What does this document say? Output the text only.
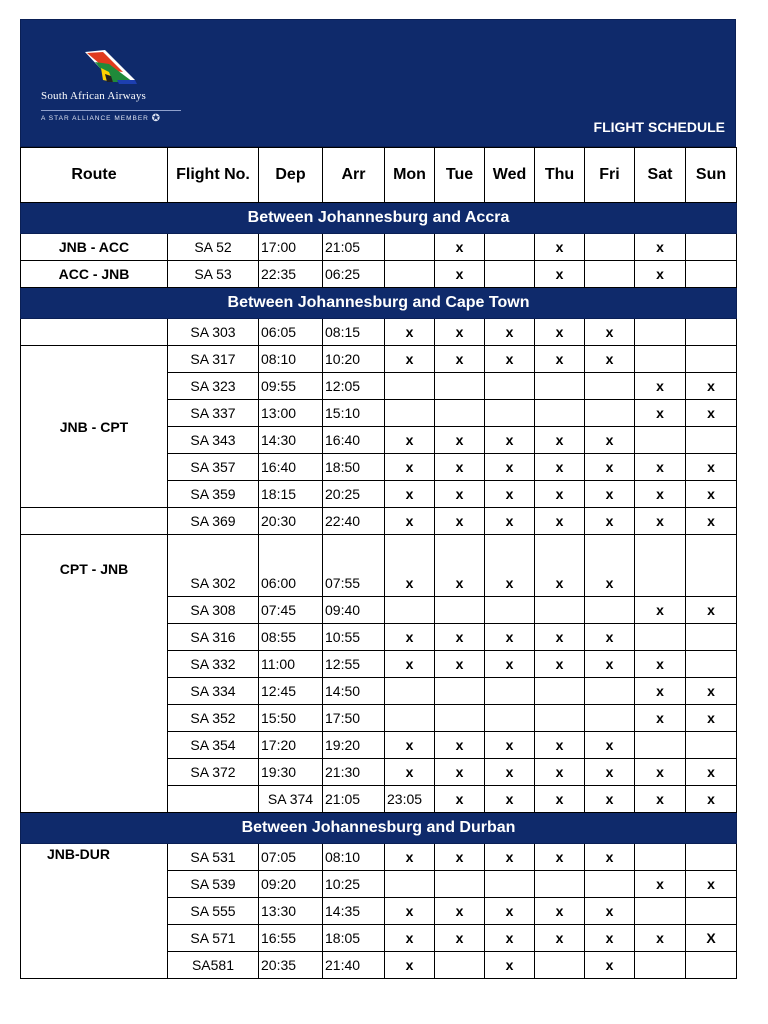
South African Airways
A STAR ALLIANCE MEMBER ✪
FLIGHT SCHEDULE
Route	Flight No.	Dep	Arr	Mon	Tue	Wed	Thu	Fri	Sat	Sun	
Between Johannesburg and Accra											
JNB - ACC	SA 52	17:00	21:05		x		x		x		
ACC - JNB	SA 53	22:35	06:25		x		x		x		
Between Johannesburg and Cape Town											
	SA 303	06:05	08:15	x	x	x	x	x			
JNB - CPT	SA 317	08:10	10:20	x	x	x	x	x			
	SA 323	09:55	12:05						x	x	
	SA 337	13:00	15:10						x	x	
	SA 343	14:30	16:40	x	x	x	x	x			
	SA 357	16:40	18:50	x	x	x	x	x	x	x	
	SA 359	18:15	20:25	x	x	x	x	x	x	x	
	SA 369	20:30	22:40	x	x	x	x	x	x	x	
CPT - JNB	SA 302	06:00	07:55	x	x	x	x	x			
	SA 308	07:45	09:40						x	x	
	SA 316	08:55	10:55	x	x	x	x	x			
	SA 332	11:00	12:55	x	x	x	x	x	x		
	SA 334	12:45	14:50						x	x	
	SA 352	15:50	17:50						x	x	
	SA 354	17:20	19:20	x	x	x	x	x			
	SA 372	19:30	21:30	x	x	x	x	x	x	x	
		SA 374	21:05	23:05	x	x	x	x	x	x	
Between Johannesburg and Durban											
JNB-DUR	SA 531	07:05	08:10	x	x	x	x	x			
	SA 539	09:20	10:25						x	x	
	SA 555	13:30	14:35	x	x	x	x	x			
	SA 571	16:55	18:05	x	x	x	x	x	x	X	
	SA581	20:35	21:40	x		x		x			
